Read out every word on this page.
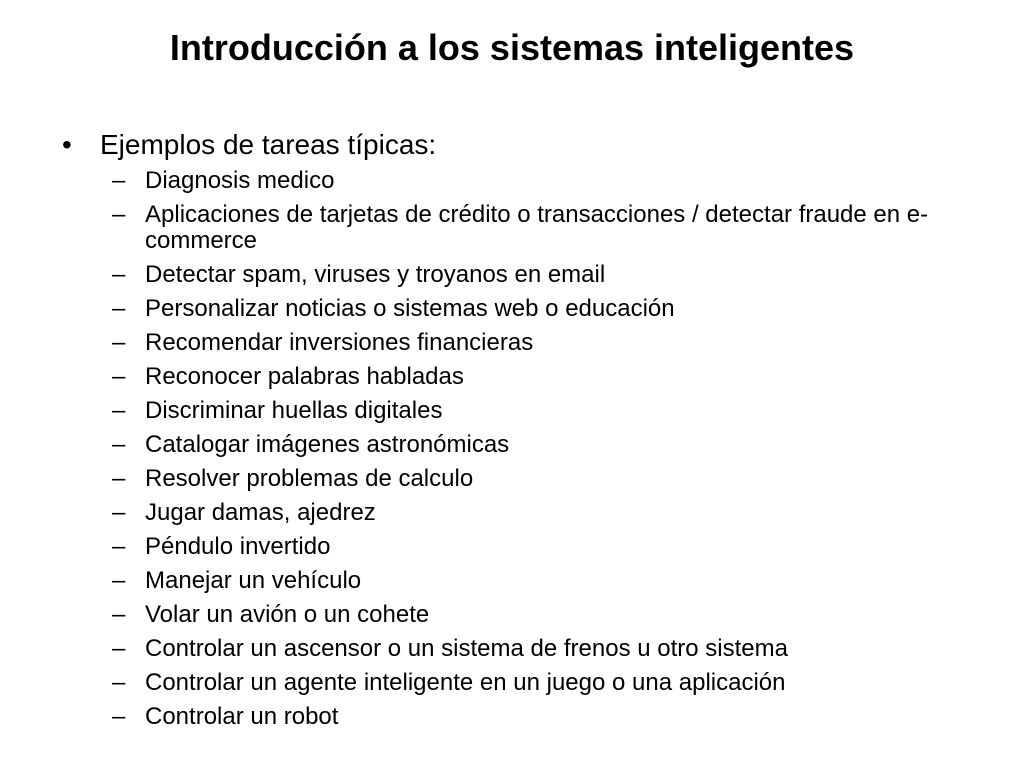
Introducción a los sistemas inteligentes
• Ejemplos de tareas típicas:
– Diagnosis medico
– Aplicaciones de tarjetas de crédito o transacciones / detectar fraude en e-commerce
– Detectar spam, viruses y troyanos en email
– Personalizar noticias o sistemas web o educación
– Recomendar inversiones financieras
– Reconocer palabras habladas
– Discriminar huellas digitales
– Catalogar imágenes astronómicas
– Resolver problemas de calculo
– Jugar damas, ajedrez
– Péndulo invertido
– Manejar un vehículo
– Volar un avión o un cohete
– Controlar un ascensor o un sistema de frenos u otro sistema
– Controlar un agente inteligente en un juego o una aplicación
– Controlar un robot
